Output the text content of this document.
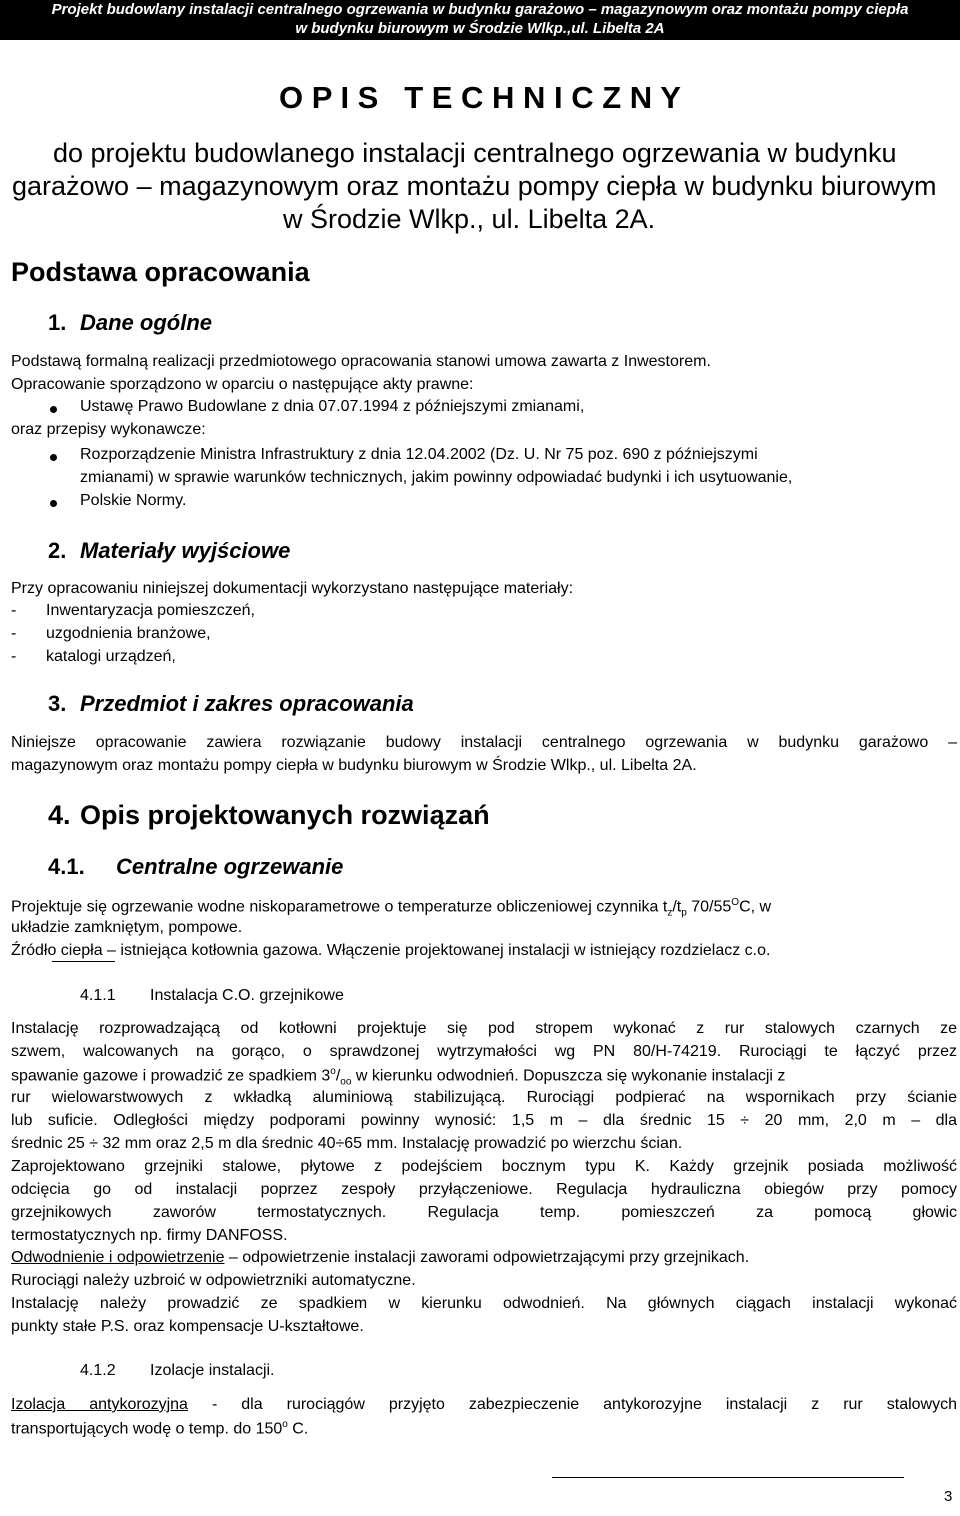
Projekt budowlany instalacji centralnego ogrzewania w budynku garażowo – magazynowym oraz montażu pompy ciepła
w budynku biurowym w Środzie Wlkp.,ul. Libelta 2A
O P I S   T E C H N I C Z N Y
do projektu budowlanego instalacji centralnego ogrzewania w budynku
garażowo – magazynowym oraz montażu pompy ciepła w budynku biurowym
w Środzie Wlkp., ul. Libelta 2A.
Podstawa opracowania
1. Dane ogólne
Podstawą formalną realizacji przedmiotowego opracowania stanowi umowa zawarta z Inwestorem.
Opracowanie sporządzono w oparciu o następujące akty prawne:
Ustawę Prawo Budowlane z dnia 07.07.1994 z późniejszymi zmianami,
oraz przepisy wykonawcze:
Rozporządzenie Ministra Infrastruktury z dnia 12.04.2002 (Dz. U. Nr 75 poz. 690 z późniejszymi
zmianami) w sprawie warunków technicznych, jakim powinny odpowiadać budynki i ich usytuowanie,
Polskie Normy.
2. Materiały wyjściowe
Przy opracowaniu niniejszej dokumentacji wykorzystano następujące materiały:
- Inwentaryzacja pomieszczeń,
- uzgodnienia branżowe,
- katalogi urządzeń,
3. Przedmiot i zakres opracowania
Niniejsze opracowanie zawiera rozwiązanie budowy instalacji centralnego ogrzewania w budynku garażowo –
magazynowym oraz montażu pompy ciepła w budynku biurowym w Środzie Wlkp., ul. Libelta 2A.
4. Opis projektowanych rozwiązań
4.1. Centralne ogrzewanie
Projektuje się ogrzewanie wodne niskoparametrowe o temperaturze obliczeniowej czynnika $t_z/t_p$ $70/55^OC$, w
układzie zamkniętym, pompowe.
Źródło ciepła – istniejąca kotłownia gazowa. Włączenie projektowanej instalacji w istniejący rozdzielacz c.o.
4.1.1 Instalacja C.O. grzejnikowe
Instalację rozprowadzającą od kotłowni projektuje się pod stropem wykonać z rur stalowych czarnych ze
szwem, walcowanych na gorąco, o sprawdzonej wytrzymałości wg PN 80/H-74219. Rurociągi te łączyć przez
spawanie gazowe i prowadzić ze spadkiem $3^o/_{oo}$ w kierunku odwodnień. Dopuszcza się wykonanie instalacji z
rur wielowarstwowych z wkładką aluminiową stabilizującą. Rurociągi podpierać na wspornikach przy ścianie
lub suficie. Odległości między podporami powinny wynosić: 1,5 m – dla średnic 15 ÷ 20 mm, 2,0 m – dla
średnic 25 ÷ 32 mm oraz 2,5 m dla średnic 40÷65 mm. Instalację prowadzić po wierzchu ścian.
Zaprojektowano grzejniki stalowe, płytowe z podejściem bocznym typu K. Każdy grzejnik posiada możliwość
odcięcia go od instalacji poprzez zespoły przyłączeniowe. Regulacja hydrauliczna obiegów przy pomocy
grzejnikowych zaworów termostatycznych. Regulacja temp. pomieszczeń za pomocą głowic
termostatycznych np. firmy DANFOSS.
Odwodnienie i odpowietrzenie – odpowietrzenie instalacji zaworami odpowietrzającymi przy grzejnikach.
Rurociągi należy uzbroić w odpowietrzniki automatyczne.
Instalację należy prowadzić ze spadkiem w kierunku odwodnień. Na głównych ciągach instalacji wykonać
punkty stałe P.S. oraz kompensacje U-kształtowe.
4.1.2 Izolacje instalacji.
Izolacja antykorozyjna - dla rurociągów przyjęto zabezpieczenie antykorozyjne instalacji z rur stalowych
transportujących wodę o temp. do 150$^o$ C.
3
